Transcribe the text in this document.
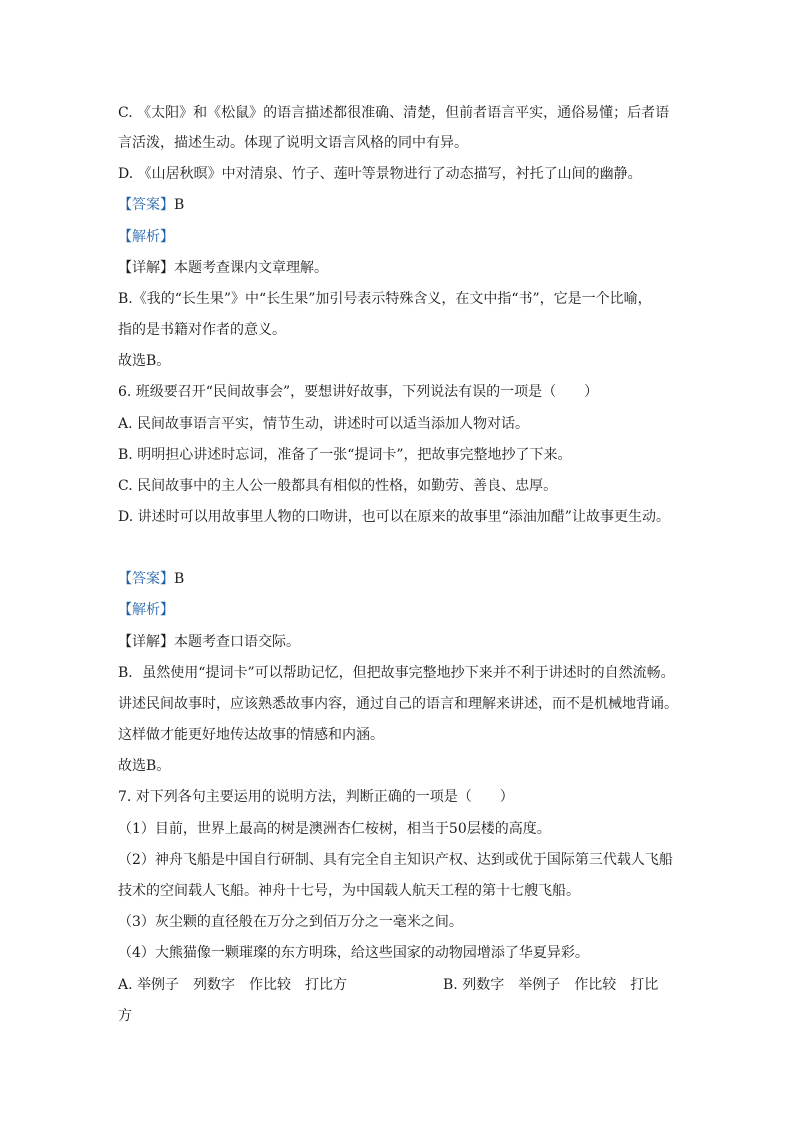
C. 《太阳》和《松鼠》的语言描述都很准确、清楚，但前者语言平实，通俗易懂；后者语

言活泼，描述生动。体现了说明文语言风格的同中有异。

D. 《山居秋暝》中对清泉、竹子、莲叶等景物进行了动态描写，衬托了山间的幽静。

【答案】B

【解析】

【详解】本题考查课内文章理解。

B.《我的“长生果”》中“长生果”加引号表示特殊含义，在文中指“书”，它是一个比喻，

指的是书籍对作者的意义。

故选B。

6. 班级要召开“民间故事会”，要想讲好故事，下列说法有误的一项是（　　）

A. 民间故事语言平实，情节生动，讲述时可以适当添加人物对话。

B. 明明担心讲述时忘词，准备了一张“提词卡”，把故事完整地抄了下来。

C. 民间故事中的主人公一般都具有相似的性格，如勤劳、善良、忠厚。

D. 讲述时可以用故事里人物的口吻讲，也可以在原来的故事里“添油加醋”让故事更生动。

【答案】B

【解析】

【详解】本题考查口语交际。

B．虽然使用“提词卡”可以帮助记忆，但把故事完整地抄下来并不利于讲述时的自然流畅。

讲述民间故事时，应该熟悉故事内容，通过自己的语言和理解来讲述，而不是机械地背诵。

这样做才能更好地传达故事的情感和内涵。

故选B。

7. 对下列各句主要运用的说明方法，判断正确的一项是（　　）

（1）目前，世界上最高的树是澳洲杏仁桉树，相当于50层楼的高度。

（2）神舟飞船是中国自行研制、具有完全自主知识产权、达到或优于国际第三代载人飞船

技术的空间载人飞船。神舟十七号，为中国载人航天工程的第十七艘飞船。

（3）灰尘颗的直径般在万分之到佰万分之一毫米之间。

（4）大熊猫像一颗璀璨的东方明珠，给这些国家的动物园增添了华夏异彩。

A. 举例子　列数字　作比较　打比方	B. 列数字　举例子　作比较　打比

方
